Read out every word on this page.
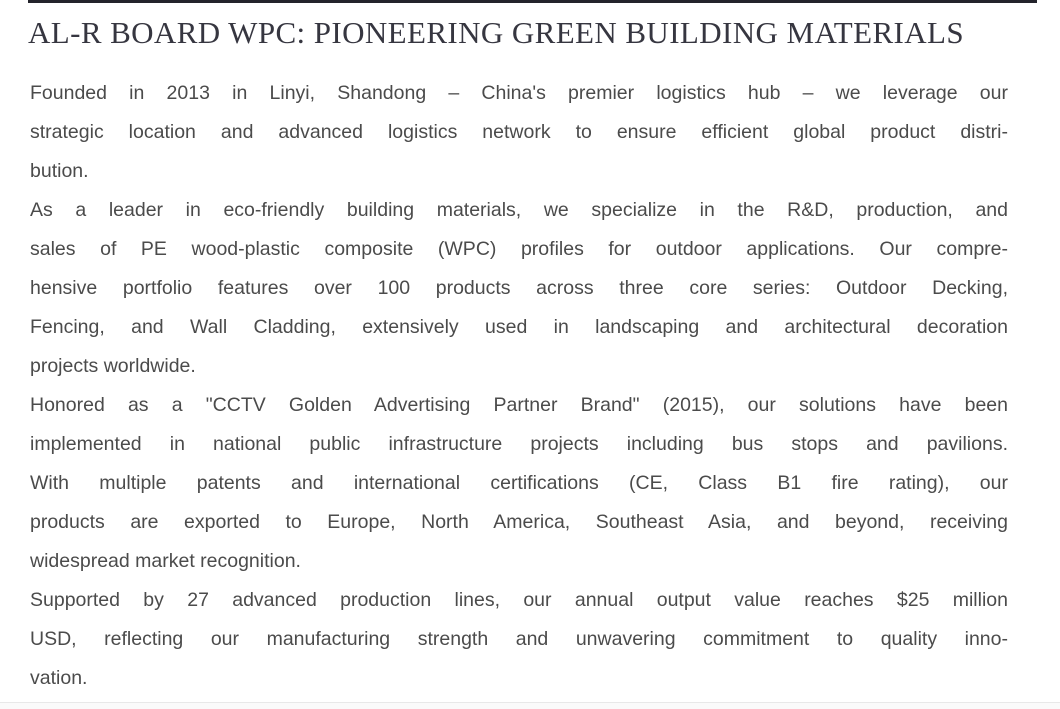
AL-R BOARD WPC: PIONEERING GREEN BUILDING MATERIALS
Founded in 2013 in Linyi, Shandong – China's premier logistics hub – we leverage our
strategic location and advanced logistics network to ensure efficient global product distri-
bution.
As a leader in eco-friendly building materials, we specialize in the R&D, production, and
sales of PE wood-plastic composite (WPC) profiles for outdoor applications. Our compre-
hensive portfolio features over 100 products across three core series: Outdoor Decking,
Fencing, and Wall Cladding, extensively used in landscaping and architectural decoration
projects worldwide.
Honored as a "CCTV Golden Advertising Partner Brand" (2015), our solutions have been
implemented in national public infrastructure projects including bus stops and pavilions.
With multiple patents and international certifications (CE, Class B1 fire rating), our
products are exported to Europe, North America, Southeast Asia, and beyond, receiving
widespread market recognition.
Supported by 27 advanced production lines, our annual output value reaches $25 million
USD, reflecting our manufacturing strength and unwavering commitment to quality inno-
vation.
